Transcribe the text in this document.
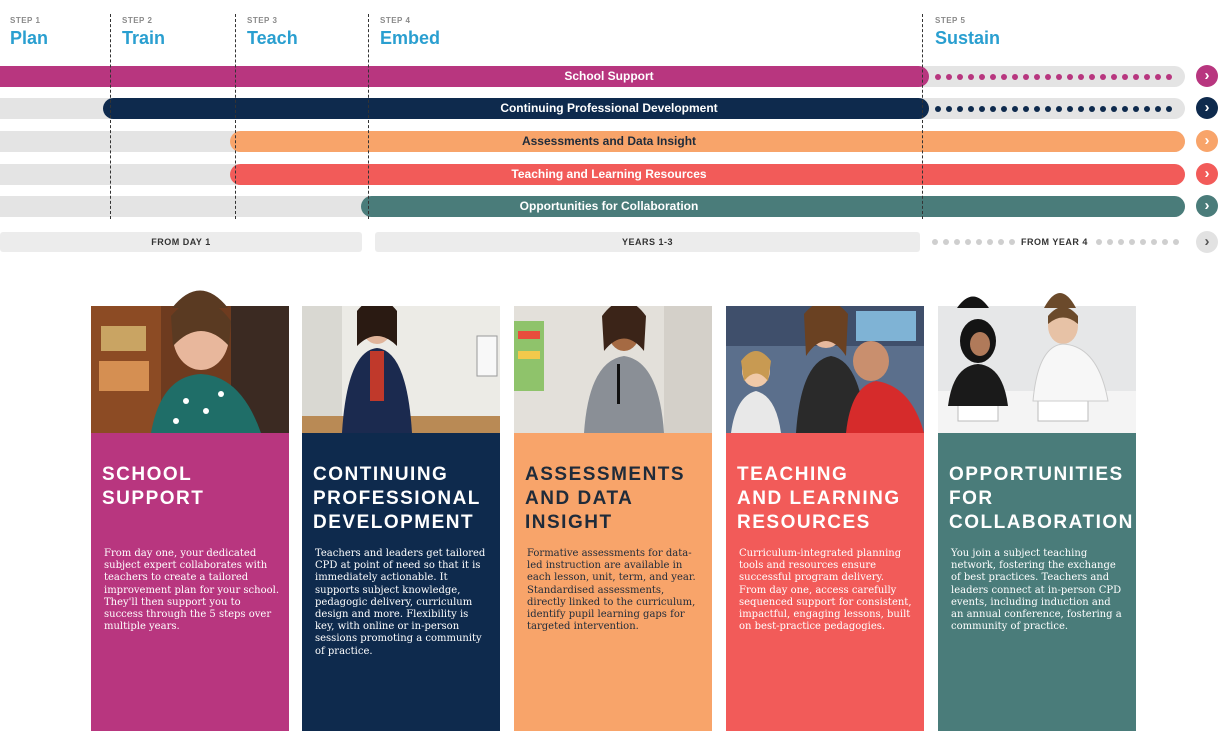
STEP 1
Plan
STEP 2
Train
STEP 3
Teach
STEP 4
Embed
STEP 5
Sustain
School Support	›
Continuing Professional Development	›
Assessments and Data Insight	›
Teaching and Learning Resources	›
Opportunities for Collaboration	›
FROM DAY 1	YEARS 1-3	FROM YEAR 4	›
SCHOOL
SUPPORT
From day one, your dedicated subject expert collaborates with teachers to create a tailored improvement plan for your school. They'll then support you to success through the 5 steps over multiple years.
CONTINUING
PROFESSIONAL
DEVELOPMENT
Teachers and leaders get tailored CPD at point of need so that it is immediately actionable. It supports subject knowledge, pedagogic delivery, curriculum design and more. Flexibility is key, with online or in-person sessions promoting a community of practice.
ASSESSMENTS
AND DATA
INSIGHT
Formative assessments for data-led instruction are available in each lesson, unit, term, and year. Standardised assessments, directly linked to the curriculum, identify pupil learning gaps for targeted intervention.
TEACHING
AND LEARNING
RESOURCES
Curriculum-integrated planning tools and resources ensure successful program delivery. From day one, access carefully sequenced support for consistent, impactful, engaging lessons, built on best-practice pedagogies.
OPPORTUNITIES
FOR
COLLABORATION
You join a subject teaching network, fostering the exchange of best practices. Teachers and leaders connect at in-person CPD events, including induction and an annual conference, fostering a community of practice.
